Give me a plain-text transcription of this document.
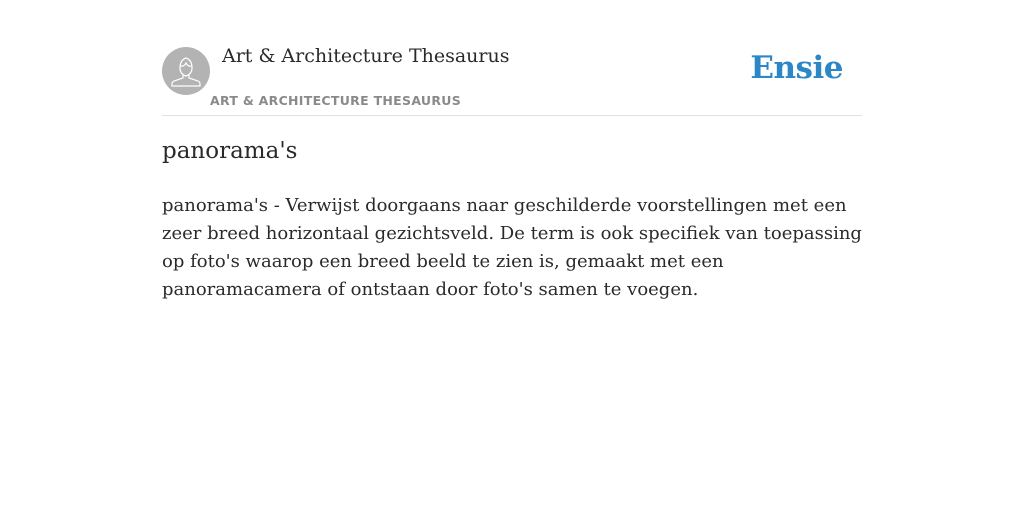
Art & Architecture Thesaurus
ART & ARCHITECTURE THESAURUS
Ensie
panorama's

panorama's - Verwijst doorgaans naar geschilderde voorstellingen met een zeer breed horizontaal gezichtsveld. De term is ook specifiek van toepassing op foto's waarop een breed beeld te zien is, gemaakt met een panoramacamera of ontstaan door foto's samen te voegen.
